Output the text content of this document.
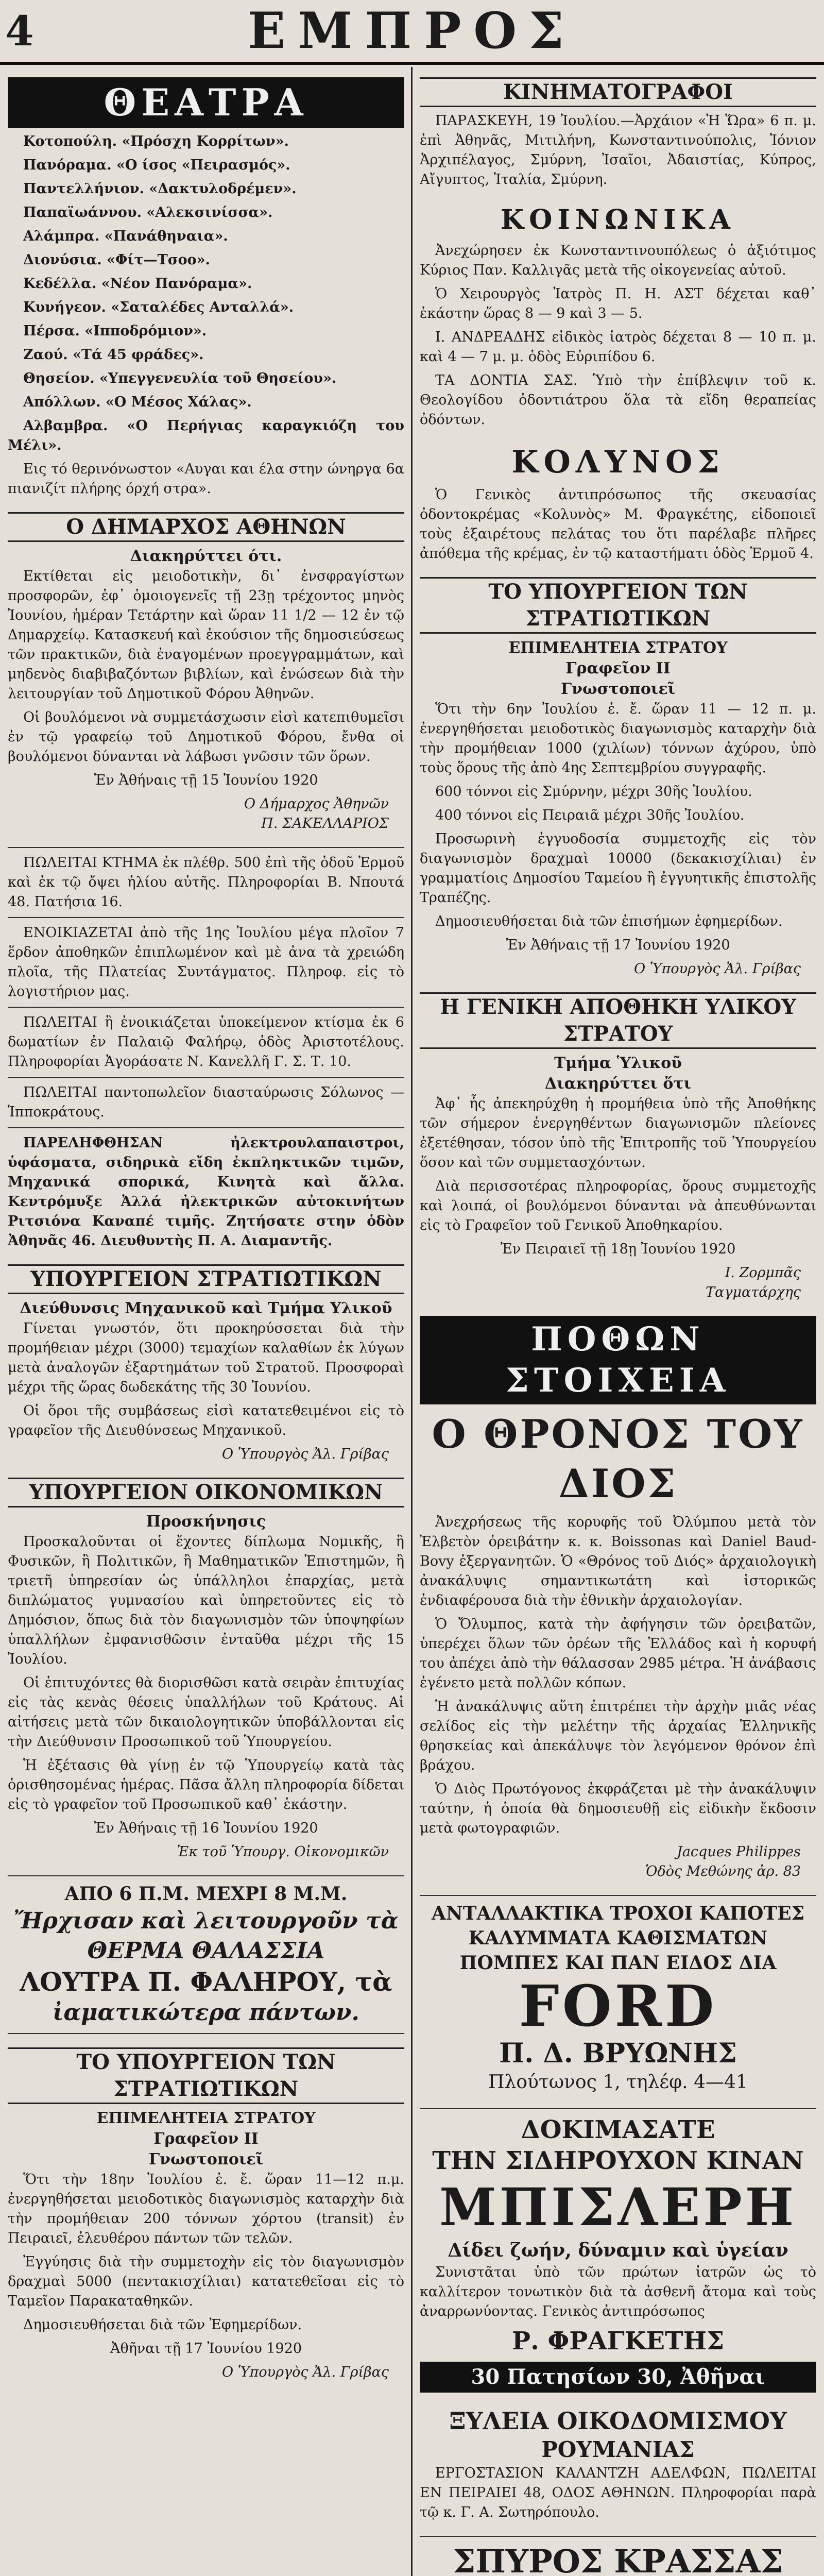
4	ΕΜΠΡΟΣ
ΘΕΑΤΡΑ

Κοτοπούλη. «Πρόσχη Κορρίτων».

Πανόραμα. «Ο ίσος «Πειρασμός».

Παντελλήνιον. «Δακτυλοδρέμεν».

Παπαϊωάννου. «Αλεκσινίσσα».

Αλάμπρα. «Πανάθηναια».

Διονύσια. «Φίτ—Τσοο».

Κεδέλλα. «Νέον Πανόραμα».

Κυνήγεον. «Σαταλέδες Ανταλλά».

Πέρσα. «Ιπποδρόμιον».

Ζαού. «Τά 45 φράδες».

Θησείον. «Υπεγγενευλία τοῦ Θησείου».

Απόλλων. «Ο Μέσος Χάλας».

Αλβαμβρα. «Ο Περήγιας καραγκιόζη του Μέλι».

Εις τό θερινόνωστον «Αυγαι και έλα στην ώνηργα 6α πιανιζίτ πλήρης όρχή στρα».

Ο ΔΗΜΑΡΧΟΣ ΑΘΗΝΩΝ
Διακηρύττει ότι.

Εκτίθεται εἰς μειοδοτικὴν, δι᾽ ἐνσφραγίστων προσφορῶν, ἐφ᾽ ὁμοιογενεῖς τῇ 23ῃ τρέχοντος μηνὸς Ἰουνίου, ἡμέραν Τετάρτην καὶ ὥραν 11 1/2 — 12 ἐν τῷ Δημαρχείῳ. Κατασκευή καὶ ἐκούσιον τῆς δημοσιεύσεως τῶν πρακτικῶν, διὰ ἐναγομένων προεγγραμμάτων, καὶ μηδενὸς διαβιβαζόντων βιβλίων, καὶ ἐνώσεων διὰ τὴν λειτουργίαν τοῦ Δημοτικοῦ Φόρου Ἀθηνῶν.

Οἱ βουλόμενοι νὰ συμμετάσχωσιν εἰσὶ κατεπιθυμεῖσι ἐν τῷ γραφείῳ τοῦ Δημοτικοῦ Φόρου, ἔνθα οἱ βουλόμενοι δύνανται νὰ λάβωσι γνῶσιν τῶν ὅρων.

Ἐν Ἀθήναις τῇ 15 Ἰουνίου 1920

Ο Δήμαρχος Ἀθηνῶν
Π. ΣΑΚΕΛΛΑΡΙΟΣ

ΠΩΛΕΙΤΑΙ ΚΤΗΜΑ ἐκ πλέθρ. 500 ἐπὶ τῆς ὁδοῦ Ἑρμοῦ καὶ ἐκ τῷ ὄψει ἡλίου αὐτῆς. Πληροφορίαι Β. Νπουτά 48. Πατήσια 16.

ΕΝΟΙΚΙΑΖΕΤΑΙ ἀπὸ τῆς 1ης Ἰουλίου μέγα πλοῖον 7 ἕρδον ἀποθηκῶν ἐπιπλωμένον καὶ μὲ ἀνα τὰ χρειώδη πλοῖα, τῆς Πλατείας Συντάγματος. Πληροφ. εἰς τὸ λογιστήριον μας.

ΠΩΛΕΙΤΑΙ ἢ ἐνοικιάζεται ὑποκείμενον κτίσμα ἐκ 6 δωματίων ἐν Παλαιῷ Φαλήρῳ, ὁδὸς Ἀριστοτέλους. Πληροφορίαι Ἀγοράσατε Ν. Κανελλῆ Γ. Σ. Τ. 10.

ΠΩΛΕΙΤΑΙ παντοπωλεῖον διασταύρωσις Σόλωνος — Ἱπποκράτους.

ΠΑΡΕΛΗΦΘΗΣΑΝ ἠλεκτρουλαπαιστροι, ὑφάσματα, σιδηρικὰ εἴδη ἐκπληκτικῶν τιμῶν, Μηχανικά σπορικά, Κινητὰ καὶ ἄλλα. Κεντρόμυξε Ἀλλά ἠλεκτρικῶν αὐτοκινήτων Ριτσιόνα Καναπέ τιμῆς. Ζητήσατε στην ὁδὸν Ἀθηνᾶς 46. Διευθυντὴς Π. Α. Διαμαντῆς.

ΥΠΟΥΡΓΕΙΟΝ ΣΤΡΑΤΙΩΤΙΚΩΝ
Διεύθυνσις Μηχανικοῦ καὶ Τμήμα Υλικοῦ

Γίνεται γνωστόν, ὅτι προκηρύσσεται διὰ τὴν προμήθειαν μέχρι (3000) τεμαχίων καλαθίων ἐκ λύγων μετὰ ἀναλογῶν ἐξαρτημάτων τοῦ Στρατοῦ. Προσφοραὶ μέχρι τῆς ὥρας δωδεκάτης τῆς 30 Ἰουνίου.

Οἱ ὅροι τῆς συμβάσεως εἰσὶ κατατεθειμένοι εἰς τὸ γραφεῖον τῆς Διευθύνσεως Μηχανικοῦ.

Ο Ὑπουργὸς Ἀλ. Γρίβας
ΥΠΟΥΡΓΕΙΟΝ ΟΙΚΟΝΟΜΙΚΩΝ
Προσκήνησις

Προσκαλοῦνται οἱ ἔχοντες δίπλωμα Νομικῆς, ἢ Φυσικῶν, ἢ Πολιτικῶν, ἢ Μαθηματικῶν Ἐπιστημῶν, ἢ τριετῆ ὑπηρεσίαν ὡς ὑπάλληλοι ἐπαρχίας, μετὰ διπλώματος γυμνασίου καὶ ὑπηρετοῦντες εἰς τὸ Δημόσιον, ὅπως διὰ τὸν διαγωνισμὸν τῶν ὑποψηφίων ὑπαλλήλων ἐμφανισθῶσιν ἐνταῦθα μέχρι τῆς 15 Ἰουλίου.

Οἱ ἐπιτυχόντες θὰ διορισθῶσι κατὰ σειρὰν ἐπιτυχίας εἰς τὰς κενὰς θέσεις ὑπαλλήλων τοῦ Κράτους. Αἱ αἰτήσεις μετὰ τῶν δικαιολογητικῶν ὑποβάλλονται εἰς τὴν Διεύθυνσιν Προσωπικοῦ τοῦ Ὑπουργείου.

Ἡ ἐξέτασις θὰ γίνῃ ἐν τῷ Ὑπουργείῳ κατὰ τὰς ὁρισθησομένας ἡμέρας. Πᾶσα ἄλλη πληροφορία δίδεται εἰς τὸ γραφεῖον τοῦ Προσωπικοῦ καθ᾽ ἑκάστην.

Ἐν Ἀθήναις τῇ 16 Ἰουνίου 1920

Ἐκ τοῦ Ὑπουργ. Οἰκονομικῶν
ΑΠΟ 6 Π.Μ. ΜΕΧΡΙ 8 Μ.Μ.
Ἤρχισαν καὶ λειτουργοῦν τὰ ΘΕΡΜΑ ΘΑΛΑΣΣΙΑ
ΛΟΥΤΡΑ Π. ΦΑΛΗΡΟΥ, τὰ
ἰαματικώτερα πάντων.
ΤΟ ΥΠΟΥΡΓΕΙΟΝ ΤΩΝ ΣΤΡΑΤΙΩΤΙΚΩΝ
ΕΠΙΜΕΛΗΤΕΙΑ ΣΤΡΑΤΟΥ
Γραφεῖον ΙΙ
Γνωστοποιεῖ

Ὅτι τὴν 18ην Ἰουλίου ἐ. ἔ. ὥραν 11—12 π.μ. ἐνεργηθήσεται μειοδοτικὸς διαγωνισμὸς καταρχὴν διὰ τὴν προμήθειαν 200 τόννων χόρτου (transit) ἐν Πειραιεῖ, ἐλευθέρου πάντων τῶν τελῶν.

Ἐγγύησις διὰ τὴν συμμετοχὴν εἰς τὸν διαγωνισμὸν δραχμαὶ 5000 (πεντακισχίλιαι) κατατεθεῖσαι εἰς τὸ Ταμεῖον Παρακαταθηκῶν.

Δημοσιευθήσεται διὰ τῶν Ἐφημερίδων.

Ἀθῆναι τῇ 17 Ἰουνίου 1920

Ο Ὑπουργὸς Ἀλ. Γρίβας
ΚΙΝΗΜΑΤΟΓΡΑΦΟΙ

ΠΑΡΑΣΚΕΥΗ, 19 Ἰουλίου.—Ἀρχάιον «Ἡ Ὥρα» 6 π. μ. ἐπὶ Ἀθηνᾶς, Μιτιλήνη, Κωνσταντινούπολις, Ἰόνιον Ἀρχιπέλαγος, Σμύρνη, Ἰσαῖοι, Ἀδαιστίας, Κύπρος, Αἴγυπτος, Ἰταλία, Σμύρνη.

ΚΟΙΝΩΝΙΚΑ

Ἀνεχώρησεν ἐκ Κωνσταντινουπόλεως ὁ ἀξιότιμος Κύριος Παν. Καλλιγᾶς μετὰ τῆς οἰκογενείας αὐτοῦ.

Ὁ Χειρουργὸς Ἰατρὸς Π. Η. ΑΣΤ δέχεται καθ᾽ ἑκάστην ὥρας 8 — 9 καὶ 3 — 5.

Ι. ΑΝΔΡΕΑΔΗΣ εἰδικὸς ἰατρὸς δέχεται 8 — 10 π. μ. καὶ 4 — 7 μ. μ. ὁδὸς Εὐριπίδου 6.

ΤΑ ΔΟΝΤΙΑ ΣΑΣ. Ὑπὸ τὴν ἐπίβλεψιν τοῦ κ. Θεολογίδου ὀδοντιάτρου ὅλα τὰ εἴδη θεραπείας ὀδόντων.

ΚΟΛΥΝΟΣ

Ὁ Γενικὸς ἀντιπρόσωπος τῆς σκευασίας ὀδοντοκρέμας «Κολυνὸς» Μ. Φραγκέτης, εἰδοποιεῖ τοὺς ἐξαιρέτους πελάτας του ὅτι παρέλαβε πλῆρες ἀπόθεμα τῆς κρέμας, ἐν τῷ καταστήματι ὁδὸς Ἑρμοῦ 4.

ΤΟ ΥΠΟΥΡΓΕΙΟΝ ΤΩΝ ΣΤΡΑΤΙΩΤΙΚΩΝ
ΕΠΙΜΕΛΗΤΕΙΑ ΣΤΡΑΤΟΥ
Γραφεῖον ΙΙ
Γνωστοποιεῖ

Ὅτι τὴν 6ην Ἰουλίου ἐ. ἔ. ὥραν 11 — 12 π. μ. ἐνεργηθήσεται μειοδοτικὸς διαγωνισμὸς καταρχὴν διὰ τὴν προμήθειαν 1000 (χιλίων) τόννων ἀχύρου, ὑπὸ τοὺς ὅρους τῆς ἀπὸ 4ης Σεπτεμβρίου συγγραφῆς.

600 τόννοι εἰς Σμύρνην, μέχρι 30ῆς Ἰουλίου.

400 τόννοι εἰς Πειραιᾶ μέχρι 30ῆς Ἰουλίου.

Προσωρινὴ ἐγγυοδοσία συμμετοχῆς εἰς τὸν διαγωνισμὸν δραχμαὶ 10000 (δεκακισχίλιαι) ἐν γραμματίοις Δημοσίου Ταμείου ἢ ἐγγυητικῆς ἐπιστολῆς Τραπέζης.

Δημοσιευθήσεται διὰ τῶν ἐπισήμων ἐφημερίδων.

Ἐν Ἀθήναις τῇ 17 Ἰουνίου 1920

Ο Ὑπουργὸς Ἀλ. Γρίβας
Η ΓΕΝΙΚΗ ΑΠΟΘΗΚΗ ΥΛΙΚΟΥ ΣΤΡΑΤΟΥ
Τμήμα Ὑλικοῦ
Διακηρύττει ὅτι

Ἀφ᾽ ἧς ἀπεκηρύχθη ἡ προμήθεια ὑπὸ τῆς Ἀποθήκης τῶν σήμερον ἐνεργηθέντων διαγωνισμῶν πλείονες ἐξετέθησαν, τόσον ὑπὸ τῆς Ἐπιτροπῆς τοῦ Ὑπουργείου ὅσον καὶ τῶν συμμετασχόντων.

Διὰ περισσοτέρας πληροφορίας, ὅρους συμμετοχῆς καὶ λοιπά, οἱ βουλόμενοι δύνανται νὰ ἀπευθύνωνται εἰς τὸ Γραφεῖον τοῦ Γενικοῦ Ἀποθηκαρίου.

Ἐν Πειραιεῖ τῇ 18ῃ Ἰουνίου 1920

Ι. Ζορμπᾶς
Ταγματάρχης
ΠΟΘΩΝ ΣΤΟΙΧΕΙΑ
Ο ΘΡΟΝΟΣ ΤΟΥ ΔΙΟΣ

Ἀνεχρήσεως τῆς κορυφῆς τοῦ Ὀλύμπου μετὰ τὸν Ἐλβετὸν ὀρειβάτην κ. κ. Boissonas καὶ Daniel Baud-Bovy ἐξεργανητῶν. Ὁ «Θρόνος τοῦ Διός» ἀρχαιολογικὴ ἀνακάλυψις σημαντικωτάτη καὶ ἱστορικῶς ἐνδιαφέρουσα διὰ τὴν ἐθνικὴν ἀρχαιολογίαν.

Ὁ Ὄλυμπος, κατὰ τὴν ἀφήγησιν τῶν ὀρειβατῶν, ὑπερέχει ὅλων τῶν ὀρέων τῆς Ἑλλάδος καὶ ἡ κορυφή του ἀπέχει ἀπὸ τὴν θάλασσαν 2985 μέτρα. Ἡ ἀνάβασις ἐγένετο μετὰ πολλῶν κόπων.

Ἡ ἀνακάλυψις αὕτη ἐπιτρέπει τὴν ἀρχὴν μιᾶς νέας σελίδος εἰς τὴν μελέτην τῆς ἀρχαίας Ἑλληνικῆς θρησκείας καὶ ἀπεκάλυψε τὸν λεγόμενον θρόνον ἐπὶ βράχου.

Ὁ Διὸς Πρωτόγονος ἐκφράζεται μὲ τὴν ἀνακάλυψιν ταύτην, ἡ ὁποία θὰ δημοσιευθῇ εἰς εἰδικὴν ἔκδοσιν μετὰ φωτογραφιῶν.

Jacques Philippes
Ὁδὸς Μεθώνης ἀρ. 83
ΑΝΤΑΛΛΑΚΤΙΚΑ ΤΡΟΧΟΙ ΚΑΠΟΤΕΣ
ΚΑΛΥΜΜΑΤΑ ΚΑΘΙΣΜΑΤΩΝ
ΠΟΜΠΕΣ ΚΑΙ ΠΑΝ ΕΙΔΟΣ ΔΙΑ
FORD
Π. Δ. ΒΡΥΩΝΗΣ
Πλούτωνος 1, τηλέφ. 4—41
ΔΟΚΙΜΑΣΑΤΕ
ΤΗΝ ΣΙΔΗΡΟΥΧΟΝ ΚΙΝΑΝ
ΜΠΙΣΛΕΡΗ
Δίδει ζωήν, δύναμιν καὶ ὑγείαν

Συνιστᾶται ὑπὸ τῶν πρώτων ἰατρῶν ὡς τὸ καλλίτερον τονωτικὸν διὰ τὰ ἀσθενῆ ἄτομα καὶ τοὺς ἀναρρωνύοντας. Γενικὸς ἀντιπρόσωπος

Ρ. ΦΡΑΓΚΕΤΗΣ
30 Πατησίων 30, Ἀθῆναι
ΞΥΛΕΙΑ ΟΙΚΟΔΟΜΙΣΜΟΥ
ΡΟΥΜΑΝΙΑΣ

ΕΡΓΟΣΤΑΣΙΟΝ ΚΑΛΑΝΤΖΗ ΑΔΕΛΦΩΝ, ΠΩΛΕΙΤΑΙ ΕΝ ΠΕΙΡΑΙΕΙ 48, ΟΔΟΣ ΑΘΗΝΩΝ. Πληροφορίαι παρὰ τῷ κ. Γ. Α. Σωτηρόπουλο.

ΣΠΥΡΟΣ ΚΡΑΣΣΑΣ
